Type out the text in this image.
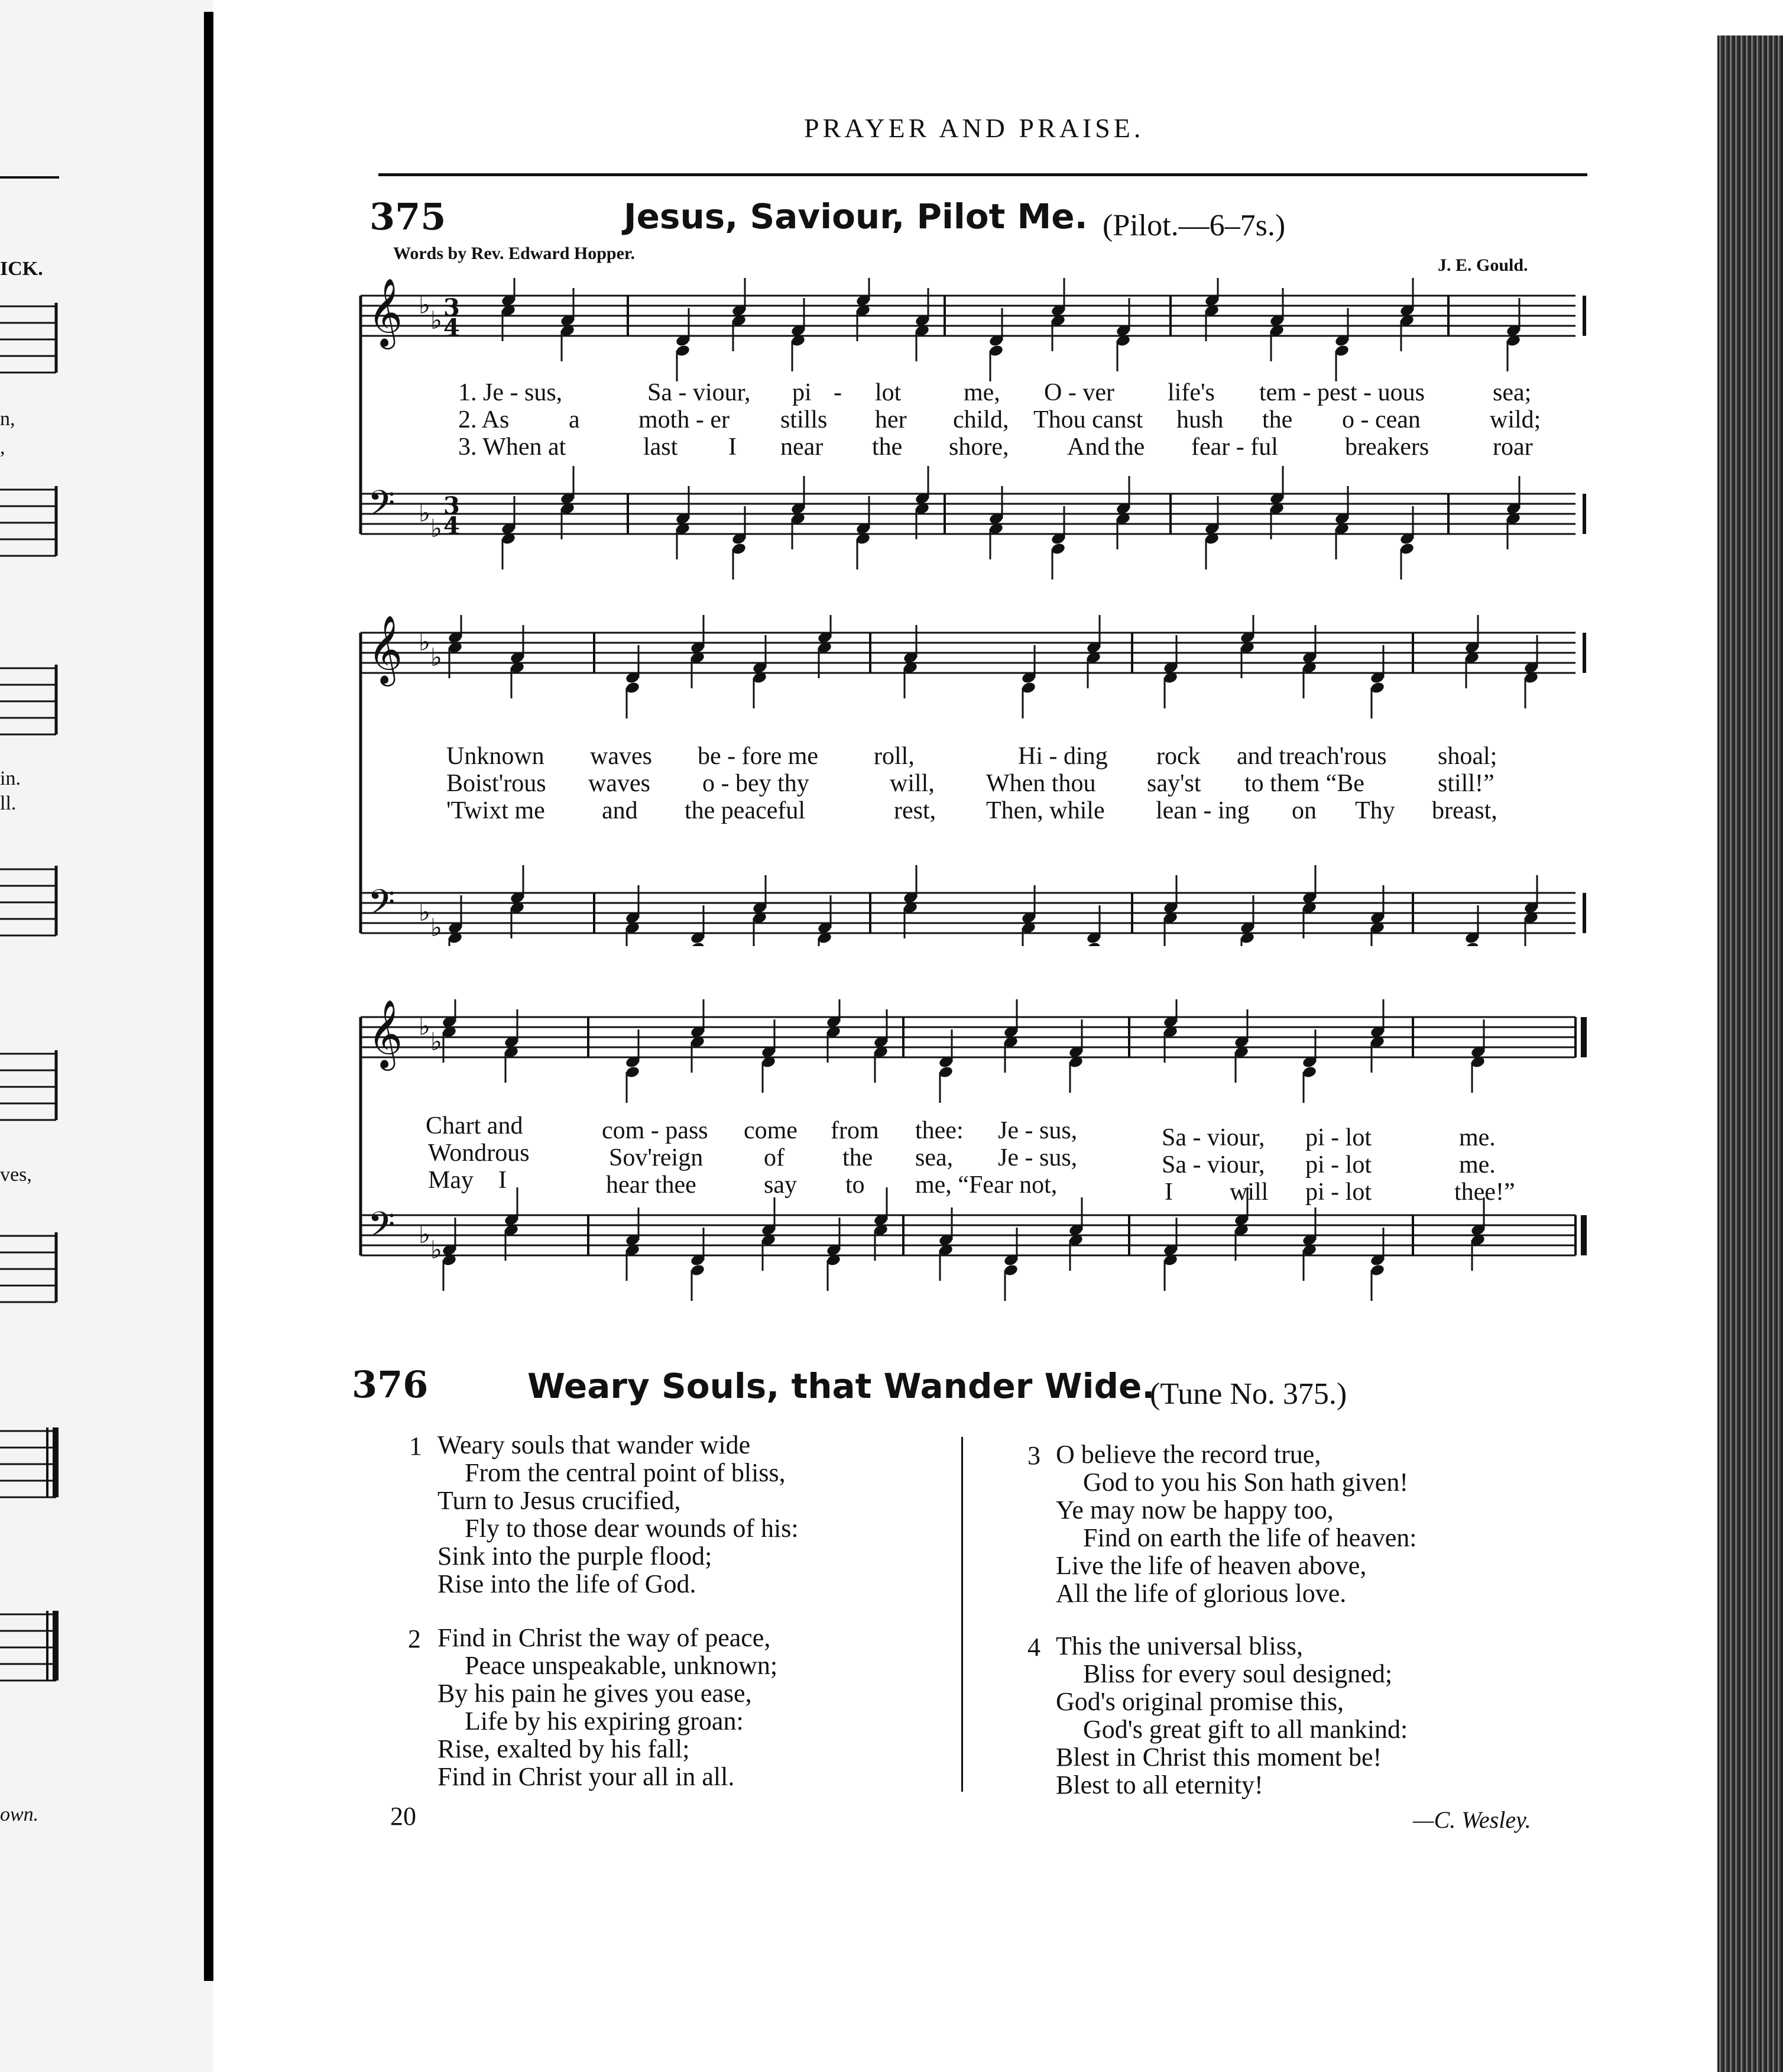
ICK.
n,
,
in.
ll.
ves,
own.
PRAYER AND PRAISE.
375	Jesus, Saviour, Pilot Me. (Pilot.—6–7s.)
Words by Rev. Edward Hopper.
J. E. Gould.
𝄞 ♭
♭ 3
4
𝄢 ♭
♭
3
4
𝄞 ♭
♭
𝄢 ♭
♭
𝄞 ♭
♭
𝄢 ♭
♭
1. Je - sus,	Sa - viour, pi - lot	me, O - ver life's tem - pest - uous	sea;
2. As a moth - er stills her child, Thou canst hush the o - cean	wild;
3. When at	last I near the shore, And the fear - ful	breakers	roar
Unknown waves be - fore me roll,	Hi - ding rock and treach'rous shoal;
Boist'rous waves o - bey thy	will, When thou say'st to them “Be	still!”
'Twixt me and the peaceful	rest, Then, while lean - ing on Thy breast,
Chart and	com - pass come from thee: Je - sus,	Sa - viour, pi - lot	me.
Wondrous	Sov'reign of the sea, Je - sus,	Sa - viour, pi - lot	me.
May I	hear thee	say to me, “Fear not,	I will pi - lot	thee!”
376	Weary Souls, that Wander Wide.
(Tune No. 375.)
1 Weary souls that wander wide
From the central point of bliss,
Turn to Jesus crucified,
Fly to those dear wounds of his:
Sink into the purple flood;
Rise into the life of God.
2 Find in Christ the way of peace,
Peace unspeakable, unknown;
By his pain he gives you ease,
Life by his expiring groan:
Rise, exalted by his fall;
Find in Christ your all in all.
3 O believe the record true,
God to you his Son hath given!
Ye may now be happy too,
Find on earth the life of heaven:
Live the life of heaven above,
All the life of glorious love.
4 This the universal bliss,
Bliss for every soul designed;
God's original promise this,
God's great gift to all mankind:
Blest in Christ this moment be!
Blest to all eternity!
20	—C. Wesley.
